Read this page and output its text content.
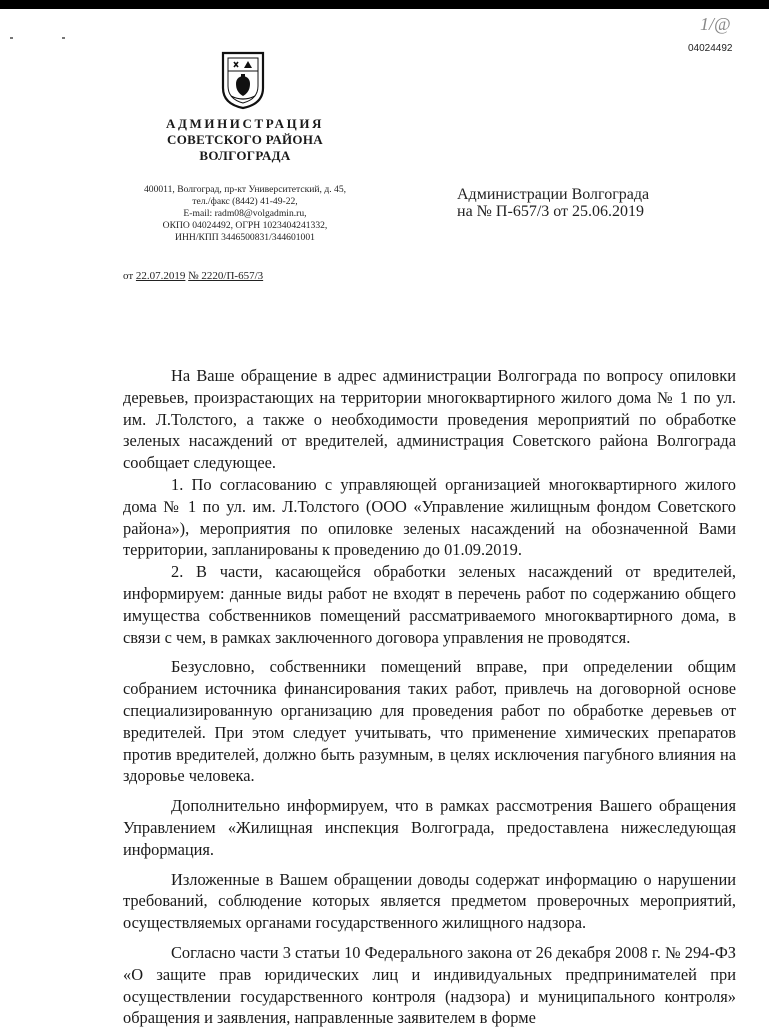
1/@
04024492
АДМИНИСТРАЦИЯ
СОВЕТСКОГО РАЙОНА
ВОЛГОГРАДА
400011, Волгоград, пр-кт Университетский, д. 45,
тел./факс (8442) 41-49-22,
E-mail: radm08@volgadmin.ru,
ОКПО 04024492, ОГРН 1023404241332,
ИНН/КПП 3446500831/344601001
от 22.07.2019 № 2220/П-657/3
Администрации Волгограда
на № П-657/3 от 25.06.2019

На Ваше обращение в адрес администрации Волгограда по вопросу опиловки деревьев, произрастающих на территории многоквартирного жилого дома № 1 по ул. им. Л.Толстого, а также о необходимости проведения мероприятий по обработке зеленых насаждений от вредителей, администрация Советского района Волгограда сообщает следующее.

1. По согласованию с управляющей организацией многоквартирного жилого дома № 1 по ул. им. Л.Толстого (ООО «Управление жилищным фондом Советского района»), мероприятия по опиловке зеленых насаждений на обозначенной Вами территории, запланированы к проведению до 01.09.2019.

2. В части, касающейся обработки зеленых насаждений от вредителей, информируем: данные виды работ не входят в перечень работ по содержанию общего имущества собственников помещений рассматриваемого многоквартирного дома, в связи с чем, в рамках заключенного договора управления не проводятся.

Безусловно, собственники помещений вправе, при определении общим собранием источника финансирования таких работ, привлечь на договорной основе специализированную организацию для проведения работ по обработке деревьев от вредителей. При этом следует учитывать, что применение химических препаратов против вредителей, должно быть разумным, в целях исключения пагубного влияния на здоровье человека.

Дополнительно информируем, что в рамках рассмотрения Вашего обращения Управлением «Жилищная инспекция Волгограда, предоставлена нижеследующая информация.

Изложенные в Вашем обращении доводы содержат информацию о нарушении требований, соблюдение которых является предметом проверочных мероприятий, осуществляемых органами государственного жилищного надзора.

Согласно части 3 статьи 10 Федерального закона от 26 декабря 2008 г. № 294-ФЗ «О защите прав юридических лиц и индивидуальных предпринимателей при осуществлении государственного контроля (надзора) и муниципального контроля» обращения и заявления, направленные заявителем в форме
